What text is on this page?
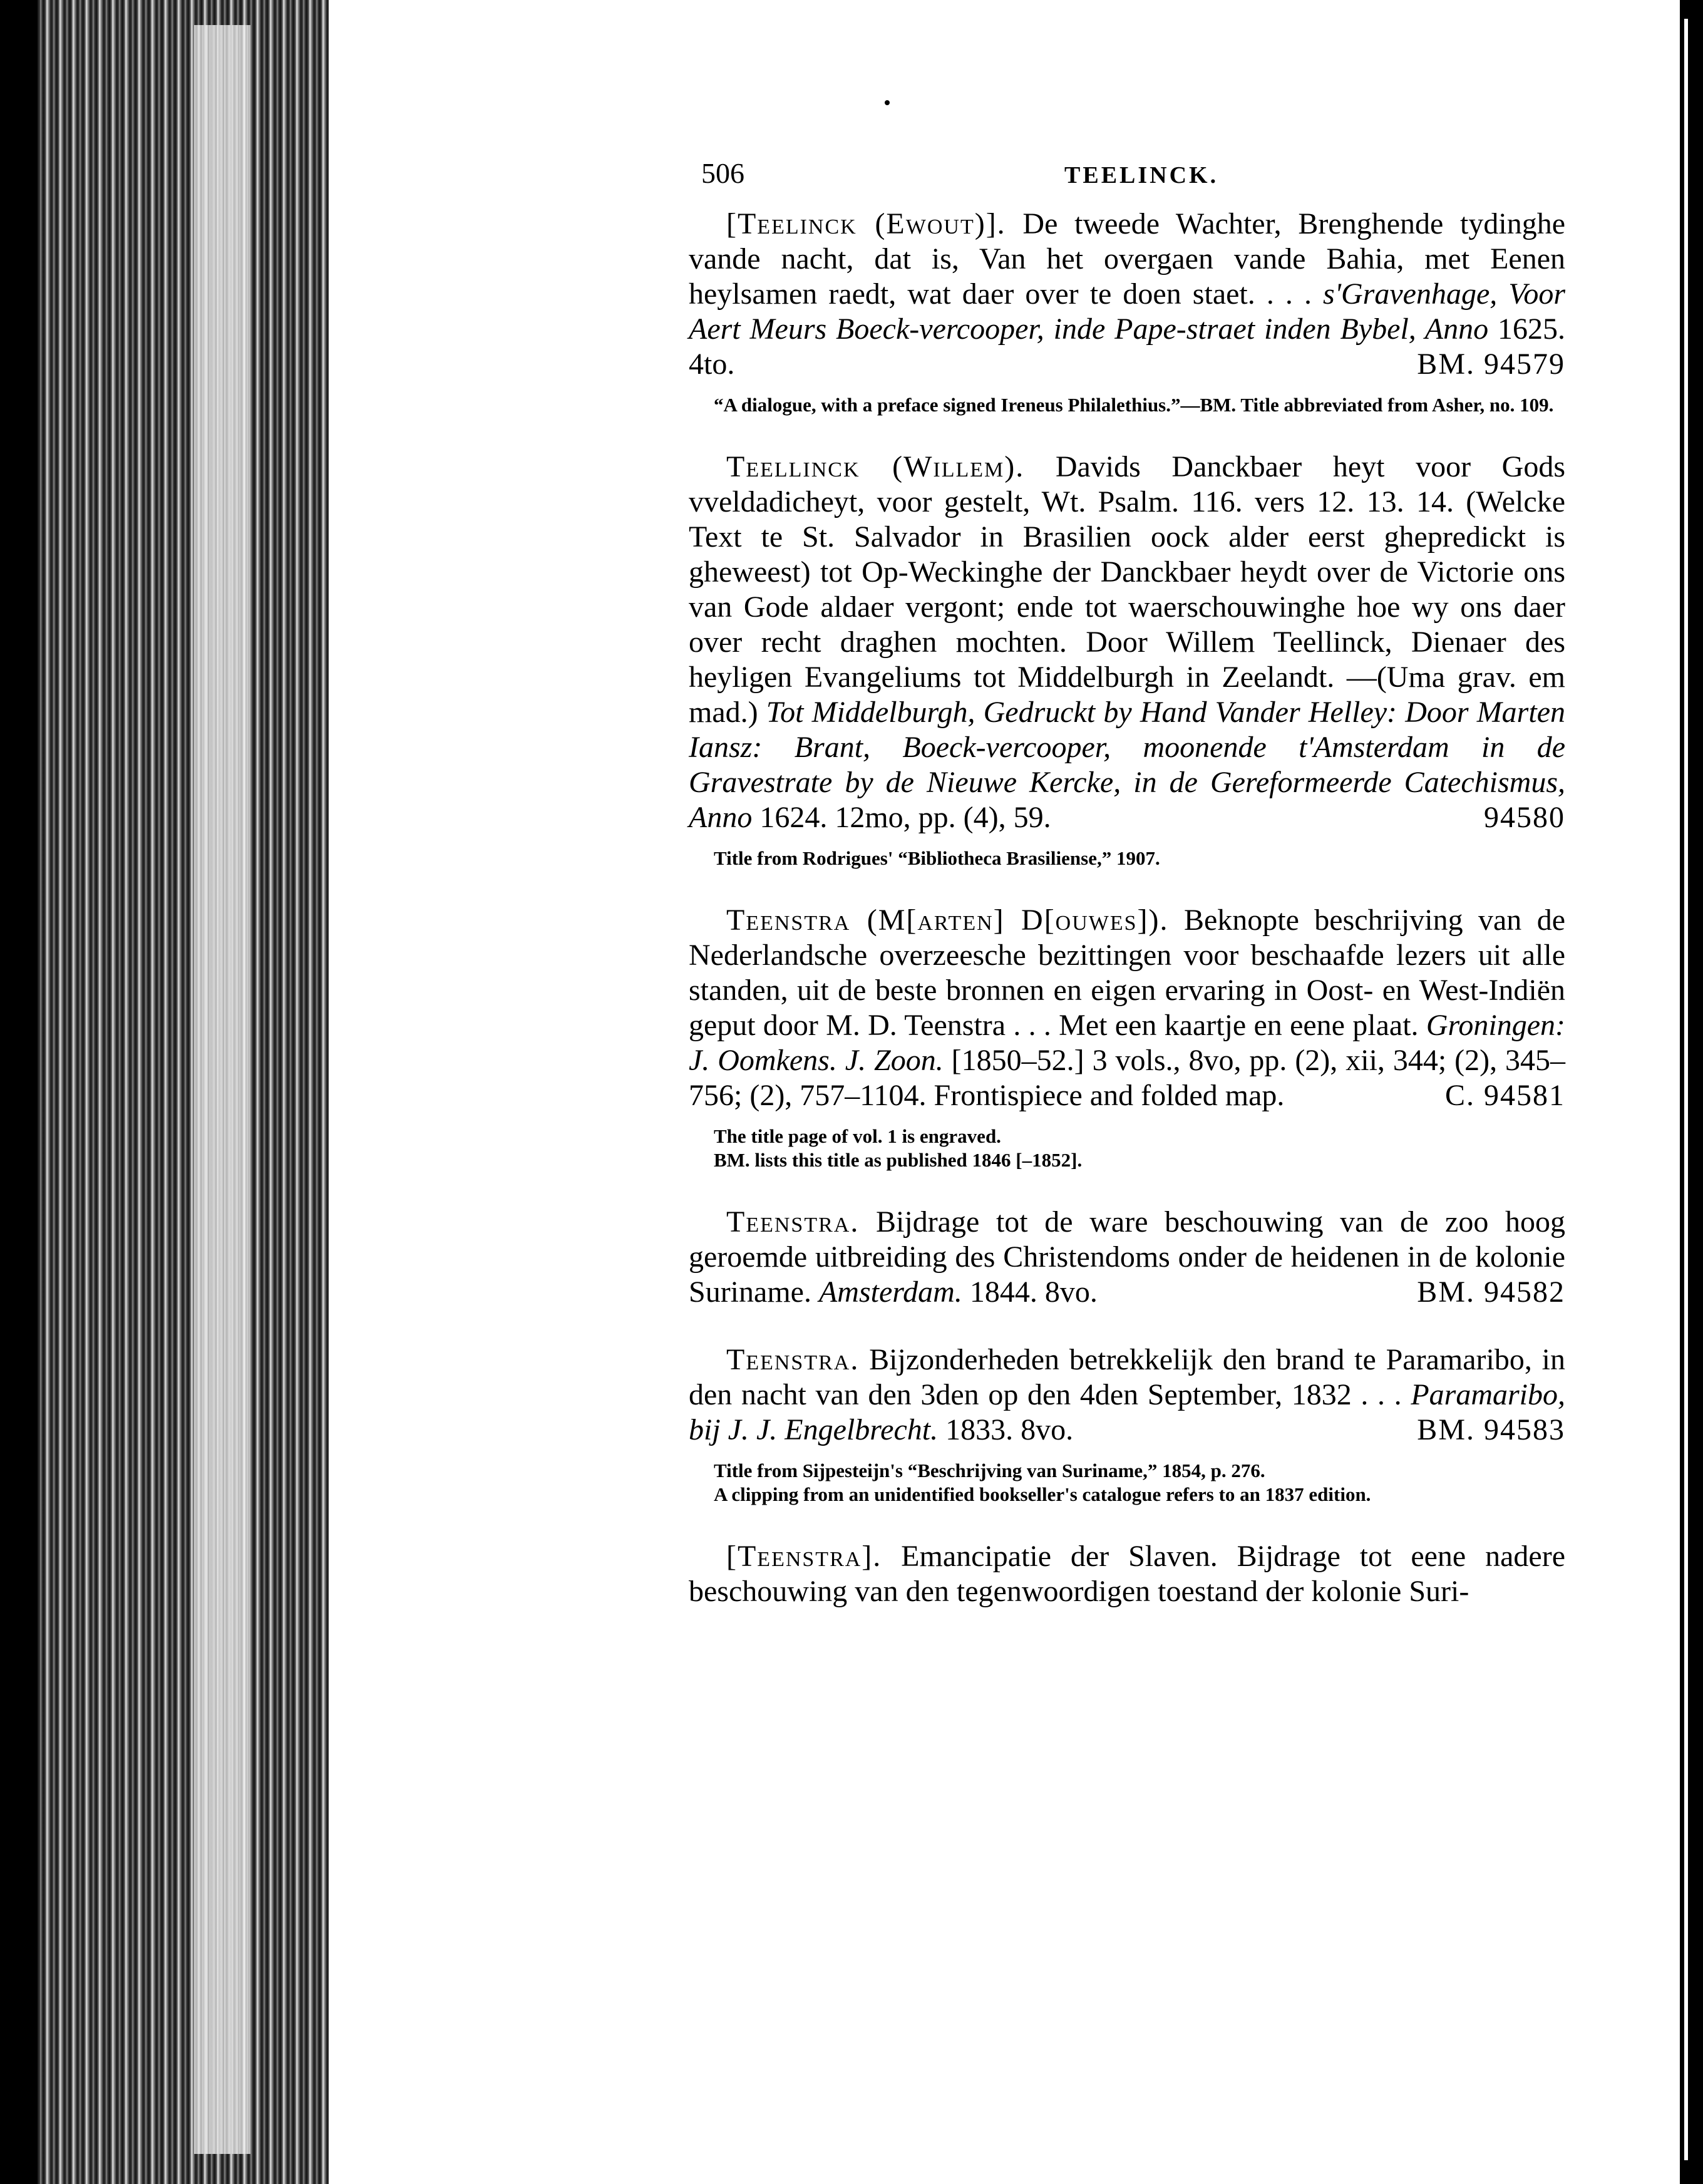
506	TEELINCK.

[Teelinck (Ewout)]. De tweede Wachter, Brenghende tydinghe vande nacht, dat is, Van het overgaen vande Bahia, met Eenen heylsamen raedt, wat daer over te doen staet. . . . s'Gravenhage, Voor Aert Meurs Boeck-vercooper, inde Pape-straet inden Bybel, Anno 1625. 4to.	BM. 94579

“A dialogue, with a preface signed Ireneus Philalethius.”—BM. Title abbreviated from Asher, no. 109.

Teellinck (Willem). Davids Danckbaer heyt voor Gods vveldadicheyt, voor gestelt, Wt. Psalm. 116. vers 12. 13. 14. (Welcke Text te St. Salvador in Brasilien oock alder eerst ghepredickt is gheweest) tot Op-Weckinghe der Danckbaer heydt over de Victorie ons van Gode aldaer vergont; ende tot waerschouwinghe hoe wy ons daer over recht draghen mochten. Door Willem Teellinck, Dienaer des heyligen Evangeliums tot Middelburgh in Zeelandt. —(Uma grav. em mad.) Tot Middelburgh, Gedruckt by Hand Vander Helley: Door Marten Iansz: Brant, Boeck-vercooper, moonende t'Amsterdam in de Gravestrate by de Nieuwe Kercke, in de Gereformeerde Catechismus, Anno 1624. 12mo, pp. (4), 59.	94580

Title from Rodrigues' “Bibliotheca Brasiliense,” 1907.

Teenstra (M[arten] D[ouwes]). Beknopte beschrijving van de Nederlandsche overzeesche bezittingen voor beschaafde lezers uit alle standen, uit de beste bronnen en eigen ervaring in Oost- en West-Indiën geput door M. D. Teenstra . . . Met een kaartje en eene plaat. Groningen: J. Oomkens. J. Zoon. [1850–52.] 3 vols., 8vo, pp. (2), xii, 344; (2), 345–756; (2), 757–1104. Frontispiece and folded map.	C. 94581

The title page of vol. 1 is engraved.

BM. lists this title as published 1846 [–1852].

Teenstra. Bijdrage tot de ware beschouwing van de zoo hoog geroemde uitbreiding des Christendoms onder de heidenen in de kolonie Suriname. Amsterdam. 1844. 8vo.	BM. 94582

Teenstra. Bijzonderheden betrekkelijk den brand te Paramaribo, in den nacht van den 3den op den 4den September, 1832 . . . Paramaribo, bij J. J. Engelbrecht. 1833. 8vo.	BM. 94583

Title from Sijpesteijn's “Beschrijving van Suriname,” 1854, p. 276.

A clipping from an unidentified bookseller's catalogue refers to an 1837 edition.

[Teenstra]. Emancipatie der Slaven. Bijdrage tot eene nadere beschouwing van den tegenwoordigen toestand der kolonie Suri-
